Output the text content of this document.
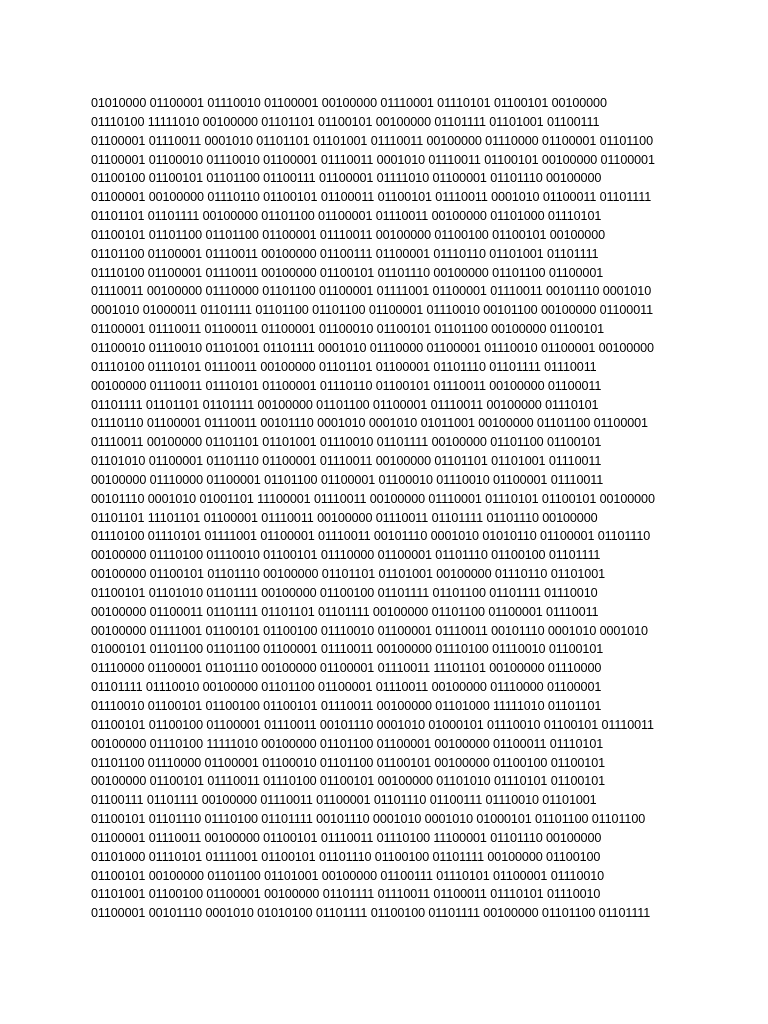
01010000 01100001 01110010 01100001 00100000 01110001 01110101 01100101 00100000
01110100 11111010 00100000 01101101 01100101 00100000 01101111 01101001 01100111
01100001 01110011 0001010 01101101 01101001 01110011 00100000 01110000 01100001 01101100
01100001 01100010 01110010 01100001 01110011 0001010 01110011 01100101 00100000 01100001
01100100 01100101 01101100 01100111 01100001 01111010 01100001 01101110 00100000
01100001 00100000 01110110 01100101 01100011 01100101 01110011 0001010 01100011 01101111
01101101 01101111 00100000 01101100 01100001 01110011 00100000 01101000 01110101
01100101 01101100 01101100 01100001 01110011 00100000 01100100 01100101 00100000
01101100 01100001 01110011 00100000 01100111 01100001 01110110 01101001 01101111
01110100 01100001 01110011 00100000 01100101 01101110 00100000 01101100 01100001
01110011 00100000 01110000 01101100 01100001 01111001 01100001 01110011 00101110 0001010
0001010 01000011 01101111 01101100 01101100 01100001 01110010 00101100 00100000 01100011
01100001 01110011 01100011 01100001 01100010 01100101 01101100 00100000 01100101
01100010 01110010 01101001 01101111 0001010 01110000 01100001 01110010 01100001 00100000
01110100 01110101 01110011 00100000 01101101 01100001 01101110 01101111 01110011
00100000 01110011 01110101 01100001 01110110 01100101 01110011 00100000 01100011
01101111 01101101 01101111 00100000 01101100 01100001 01110011 00100000 01110101
01110110 01100001 01110011 00101110 0001010 0001010 01011001 00100000 01101100 01100001
01110011 00100000 01101101 01101001 01110010 01101111 00100000 01101100 01100101
01101010 01100001 01101110 01100001 01110011 00100000 01101101 01101001 01110011
00100000 01110000 01100001 01101100 01100001 01100010 01110010 01100001 01110011
00101110 0001010 01001101 11100001 01110011 00100000 01110001 01110101 01100101 00100000
01101101 11101101 01100001 01110011 00100000 01110011 01101111 01101110 00100000
01110100 01110101 01111001 01100001 01110011 00101110 0001010 01010110 01100001 01101110
00100000 01110100 01110010 01100101 01110000 01100001 01101110 01100100 01101111
00100000 01100101 01101110 00100000 01101101 01101001 00100000 01110110 01101001
01100101 01101010 01101111 00100000 01100100 01101111 01101100 01101111 01110010
00100000 01100011 01101111 01101101 01101111 00100000 01101100 01100001 01110011
00100000 01111001 01100101 01100100 01110010 01100001 01110011 00101110 0001010 0001010
01000101 01101100 01101100 01100001 01110011 00100000 01110100 01110010 01100101
01110000 01100001 01101110 00100000 01100001 01110011 11101101 00100000 01110000
01101111 01110010 00100000 01101100 01100001 01110011 00100000 01110000 01100001
01110010 01100101 01100100 01100101 01110011 00100000 01101000 11111010 01101101
01100101 01100100 01100001 01110011 00101110 0001010 01000101 01110010 01100101 01110011
00100000 01110100 11111010 00100000 01101100 01100001 00100000 01100011 01110101
01101100 01110000 01100001 01100010 01101100 01100101 00100000 01100100 01100101
00100000 01100101 01110011 01110100 01100101 00100000 01101010 01110101 01100101
01100111 01101111 00100000 01110011 01100001 01101110 01100111 01110010 01101001
01100101 01101110 01110100 01101111 00101110 0001010 0001010 01000101 01101100 01101100
01100001 01110011 00100000 01100101 01110011 01110100 11100001 01101110 00100000
01101000 01110101 01111001 01100101 01101110 01100100 01101111 00100000 01100100
01100101 00100000 01101100 01101001 00100000 01100111 01110101 01100001 01110010
01101001 01100100 01100001 00100000 01101111 01110011 01100011 01110101 01110010
01100001 00101110 0001010 01010100 01101111 01100100 01101111 00100000 01101100 01101111
